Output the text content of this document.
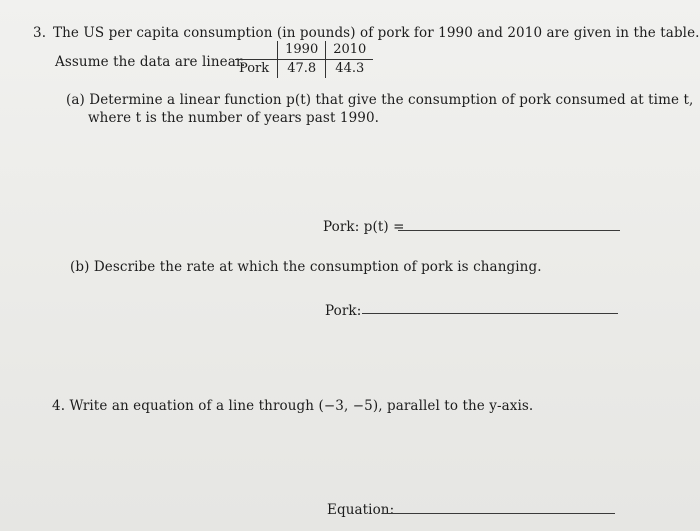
3. The US per capita consumption (in pounds) of pork for 1990 and 2010 are given in the table.
Assume the data are linear.
	1990	2010
Pork	47.8	44.3
(a) Determine a linear function p(t) that give the consumption of pork consumed at time t,
where t is the number of years past 1990.
Pork: p(t) =
(b) Describe the rate at which the consumption of pork is changing.
Pork:
4. Write an equation of a line through (−3, −5), parallel to the y-axis.
Equation:
